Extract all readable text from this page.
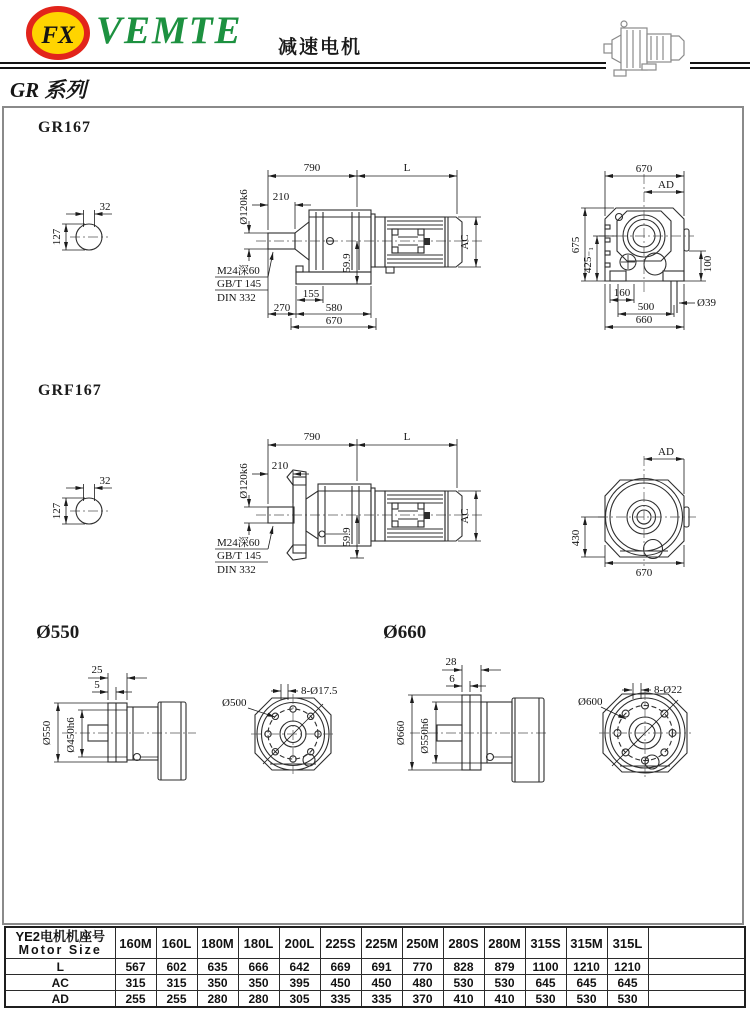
FX VEMTE 减速电机
GR 系列
GR167
GRF167
Ø550	Ø660
32
127
790	L
210
Ø120k6
59.9
M24深60
GB/T 145
DIN 332	155
270	580
670
AC
670
AD
675
425₋₁	100
160
500
660
Ø39
32
127
790	L
210
Ø120k6
59.9
M24深60
GB/T 145
DIN 332
AC
AD
430
670
25
5
Ø550 Ø450h6
8-Ø17.5
Ø500
28
6
Ø660 Ø550h6
8-Ø22
Ø600
YE2电机机座号
Motor Size	160M	160L	180M	180L	200L	225S	225M	250M	280S	280M	315S	315M	315L	
L	567	602	635	666	642	669	691	770	828	879	1100	1210	1210	
AC	315	315	350	350	395	450	450	480	530	530	645	645	645	
AD	255	255	280	280	305	335	335	370	410	410	530	530	530	
